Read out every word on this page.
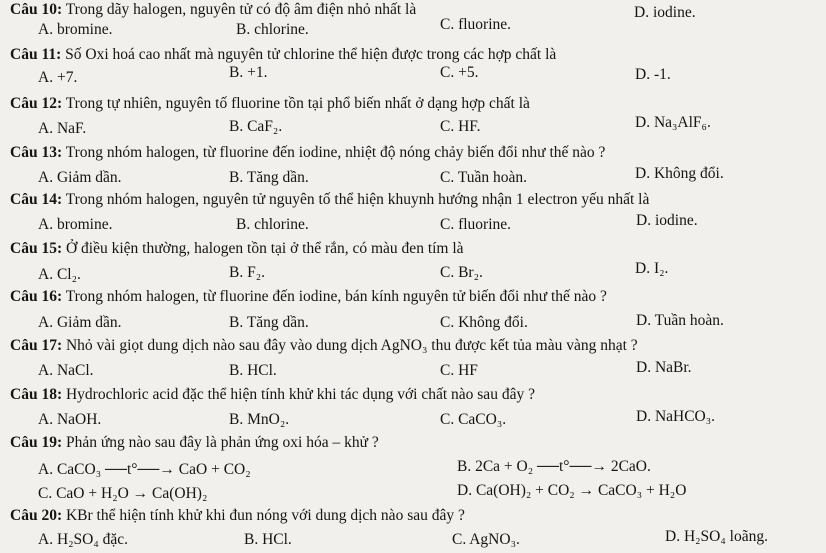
Câu 10: Trong dãy halogen, nguyên tử có độ âm điện nhỏ nhất là
A. bromine.	B. chlorine.	C. fluorine.
D. iodine.
Câu 11: Số Oxi hoá cao nhất mà nguyên tử chlorine thể hiện được trong các hợp chất là
A. +7.	B. +1.	C. +5.	D. -1.
Câu 12: Trong tự nhiên, nguyên tố fluorine tồn tại phổ biến nhất ở dạng hợp chất là
A. NaF.	B. CaF₂.	C. HF.	D. Na₃AlF₆.
Câu 13: Trong nhóm halogen, từ fluorine đến iodine, nhiệt độ nóng chảy biến đổi như thế nào ?
A. Giảm dần.	B. Tăng dần.	C. Tuần hoàn.	D. Không đổi.
Câu 14: Trong nhóm halogen, nguyên tử nguyên tố thể hiện khuynh hướng nhận 1 electron yếu nhất là
A. bromine.	B. chlorine.	C. fluorine.	D. iodine.
Câu 15: Ở điều kiện thường, halogen tồn tại ở thể rắn, có màu đen tím là
A. Cl₂.	B. F₂.	C. Br₂.	D. I₂.
Câu 16: Trong nhóm halogen, từ fluorine đến iodine, bán kính nguyên tử biến đổi như thế nào ?
A. Giảm dần.	B. Tăng dần.	C. Không đổi.	D. Tuần hoàn.
Câu 17: Nhỏ vài giọt dung dịch nào sau đây vào dung dịch AgNO₃ thu được kết tủa màu vàng nhạt ?
A. NaCl.	B. HCl.	C. HF	D. NaBr.
Câu 18: Hydrochloric acid đặc thể hiện tính khử khi tác dụng với chất nào sau đây ?
A. NaOH.	B. MnO₂.	C. CaCO₃.	D. NaHCO₃.
Câu 19: Phản ứng nào sau đây là phản ứng oxi hóa – khử ?
A. CaCO₃ ──t°──→ CaO + CO₂	B. 2Ca + O₂ ──t°──→ 2CaO.
C. CaO + H₂O → Ca(OH)₂	D. Ca(OH)₂ + CO₂ → CaCO₃ + H₂O
Câu 20: KBr thể hiện tính khử khi đun nóng với dung dịch nào sau đây ?
A. H₂SO₄ đặc.	B. HCl.	C. AgNO₃.	D. H₂SO₄ loãng.
